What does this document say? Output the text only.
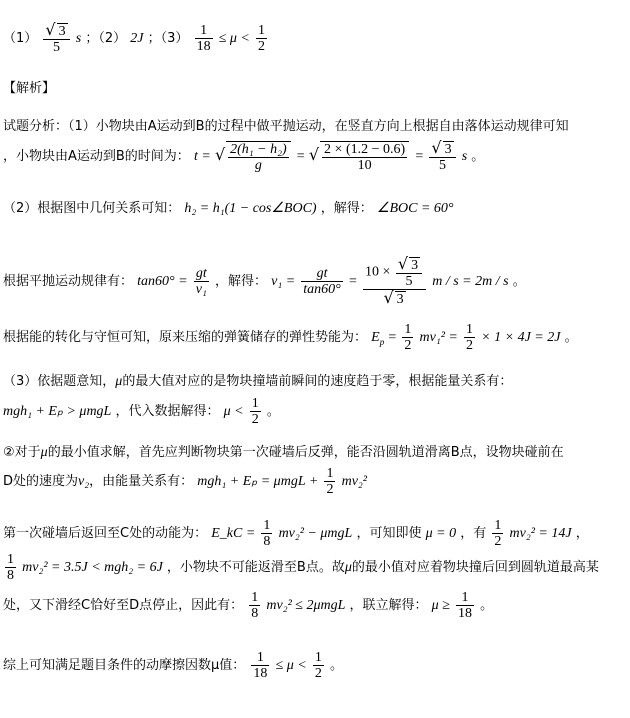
$(1) \frac{√ 3}{5}$ s ；（2） 2J ；$(3) \frac{1}{18} \le \mu < \frac{1}{2}$
【解析】
试题分析：（1）小物块由A运动到B的过程中做平抛运动，在竖直方向上根据自由落体运动规律可知
，小物块由A运动到B的时间为： t = √ $\frac{\text{2(h₁ − h₂)}}{g}$ = √ $\frac{2 \times (1.2 - 0.6)}{10} = \frac{√ 3}{5}$ s 。
（2）根据图中几何关系可知： h₂ = h₁(1 − cos∠BOC) ，解得： ∠BOC = 60°
根据平抛运动规律有： $\tan 60^\circ = \frac{gt}{\text{v₁}}$ ，解得： $v_1 = \frac{gt}{\tan 60^\circ} = \frac{10 \times \frac{√ 3}{5}}{√ 3}$ m / s = 2m / s 。
根据能的转化与守恒可知，原来压缩的弹簧储存的弹性势能为： $E_p = \frac{1}{2} mv_1^2 = \frac{1}{2} \times 1 \times 4J = 2J$ 。
（3）依据题意知，μ的最大值对应的是物块撞墙前瞬间的速度趋于零，根据能量关系有：
mgh₁ + Eₚ > μmgL ，代入数据解得： $\mu < \frac{1}{2}$ 。
②对于μ的最小值求解，首先应判断物块第一次碰墙后反弹，能否沿圆轨道滑离B点，设物块碰前在
D处的速度为v₂，由能量关系有： $mgh_1 + E_p = \mu mgL + \frac{1}{2} mv_2^2$
第一次碰墙后返回至C处的动能为： E_kC = $\frac{1}{8} mv_2^2 - \mu mgL$ ，可知即使 μ = 0 ，有 $\frac{1}{2} mv_2^2 = 14J$ ，
$\frac{1}{8} mv_2^2 = 3.5J < mgh_2 = 6J$ ，小物块不可能返滑至B点。故μ的最小值对应着物块撞后回到圆轨道最高某
处，又下滑经C恰好至D点停止，因此有： $\frac{1}{8} mv_2^2 \le 2\mu mgL$ ，联立解得： $\mu \ge \frac{1}{18}$ 。
综上可知满足题目条件的动摩擦因数μ值： $\frac{1}{18} \le \mu < \frac{1}{2}$ 。
